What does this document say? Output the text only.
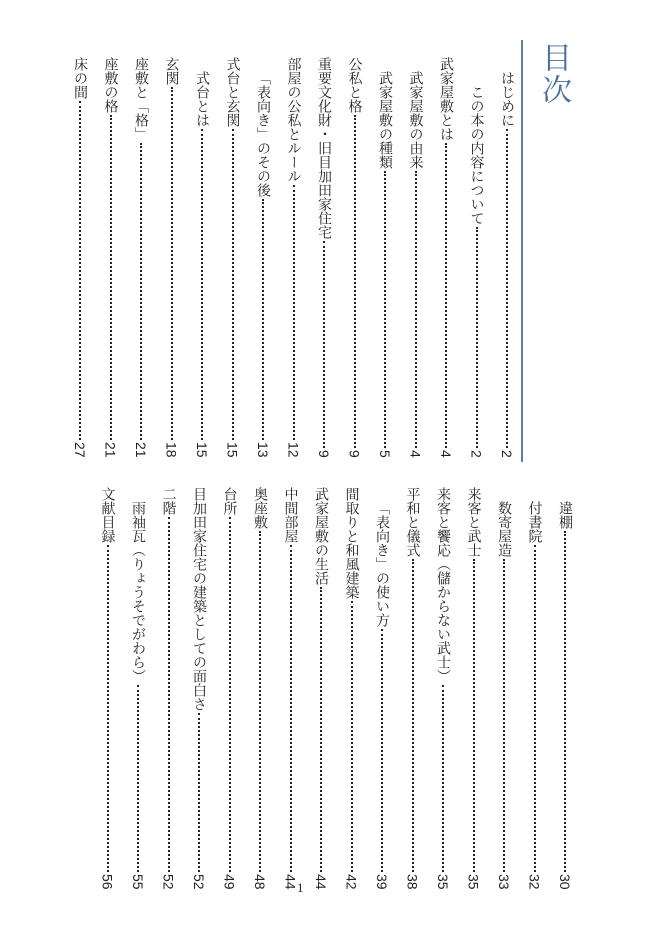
目次
はじめに
2
この本の内容について
2
武家屋敷とは
4
武家屋敷の由来
4
武家屋敷の種類
5
公私と格
9
重要文化財・旧目加田家住宅
9
部屋の公私とルール
12
「表向き」のその後
13
式台と玄関
15
式台とは
15
玄関
18
座敷と「格」
21
座敷の格
21
床の間
27
違棚
30
付書院
32
数寄屋造
33
来客と武士
35
来客と饗応（儲からない武士）
35
平和と儀式
38
「表向き」の使い方
39
間取りと和風建築
42
武家屋敷の生活
44
中間部屋
44
奥座敷
48
台所
49
目加田家住宅の建築としての面白さ
52
二階
52
雨袖瓦（りょうそでがわら）
55
文献目録
56	1
